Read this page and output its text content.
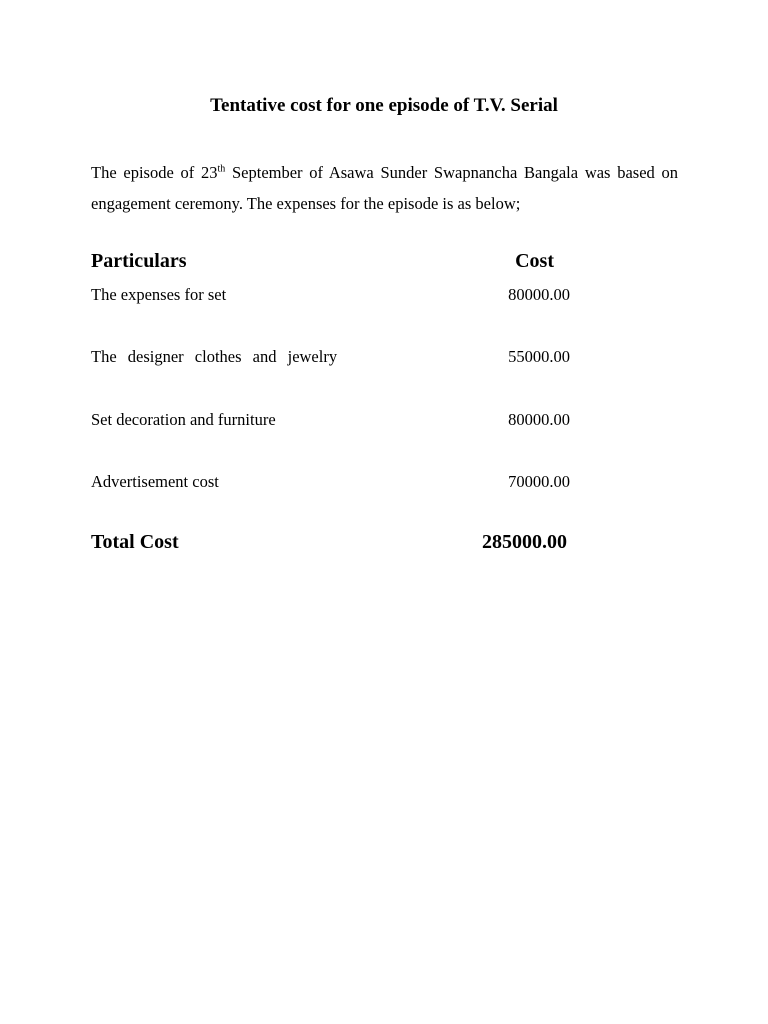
Tentative cost for one episode of T.V. Serial
The episode of 23th September of Asawa Sunder Swapnancha Bangala was based on engagement ceremony. The expenses for the episode is as below;
Particulars	Cost
The expenses for set	80000.00
The designer clothes and jewelry	55000.00
Set decoration and furniture	80000.00
Advertisement cost	70000.00
Total Cost	285000.00
